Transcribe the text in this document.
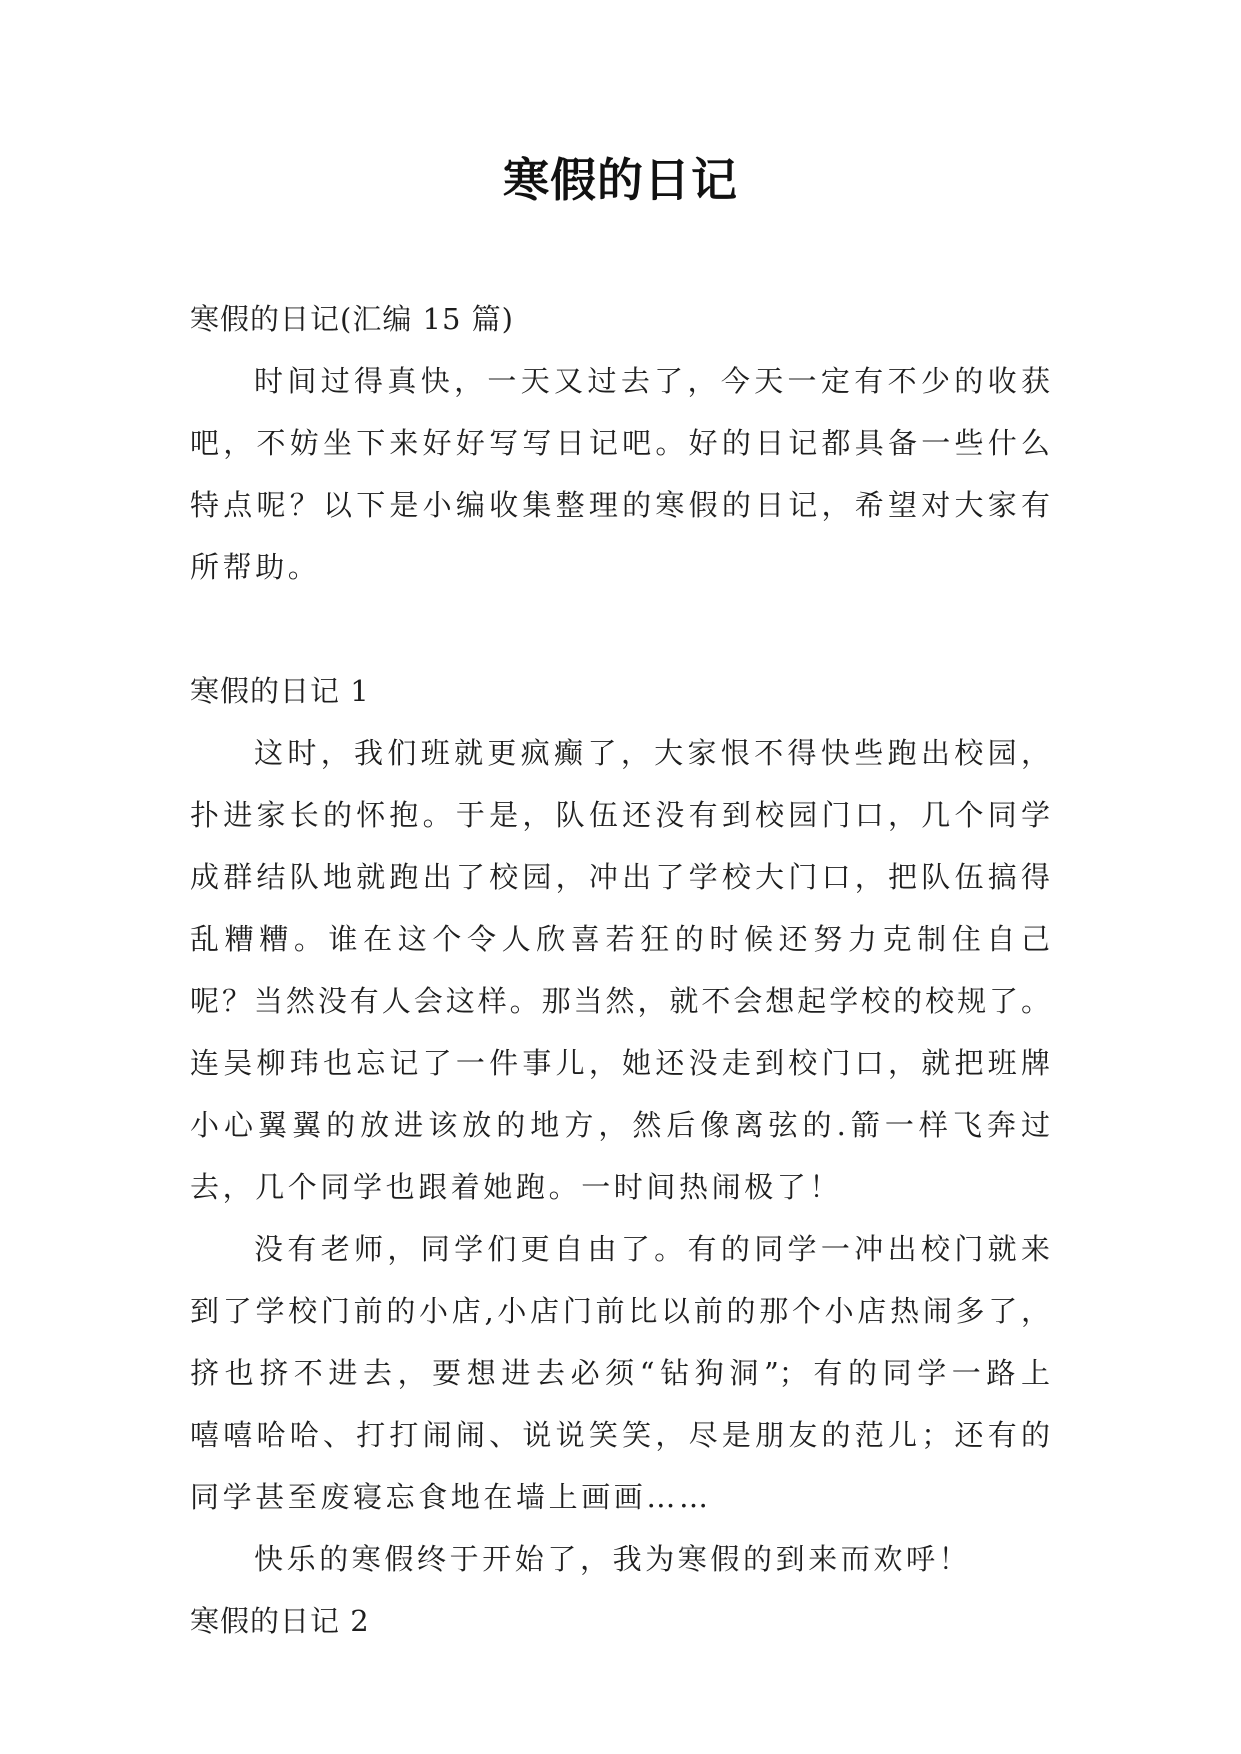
寒假的日记
寒假的日记(汇编 15 篇)
时间过得真快，一天又过去了，今天一定有不少的收获
吧，不妨坐下来好好写写日记吧。好的日记都具备一些什么
特点呢？以下是小编收集整理的寒假的日记，希望对大家有
所帮助。
寒假的日记 1
这时，我们班就更疯癫了，大家恨不得快些跑出校园，
扑进家长的怀抱。于是，队伍还没有到校园门口，几个同学
成群结队地就跑出了校园，冲出了学校大门口，把队伍搞得
乱糟糟。谁在这个令人欣喜若狂的时候还努力克制住自己
呢？当然没有人会这样。那当然，就不会想起学校的校规了。
连吴柳玮也忘记了一件事儿，她还没走到校门口，就把班牌
小心翼翼的放进该放的地方，然后像离弦的.箭一样飞奔过
去，几个同学也跟着她跑。一时间热闹极了！
没有老师，同学们更自由了。有的同学一冲出校门就来
到了学校门前的小店,小店门前比以前的那个小店热闹多了，
挤也挤不进去，要想进去必须“钻狗洞”；有的同学一路上
嘻嘻哈哈、打打闹闹、说说笑笑，尽是朋友的范儿；还有的
同学甚至废寝忘食地在墙上画画……
快乐的寒假终于开始了，我为寒假的到来而欢呼！
寒假的日记 2
